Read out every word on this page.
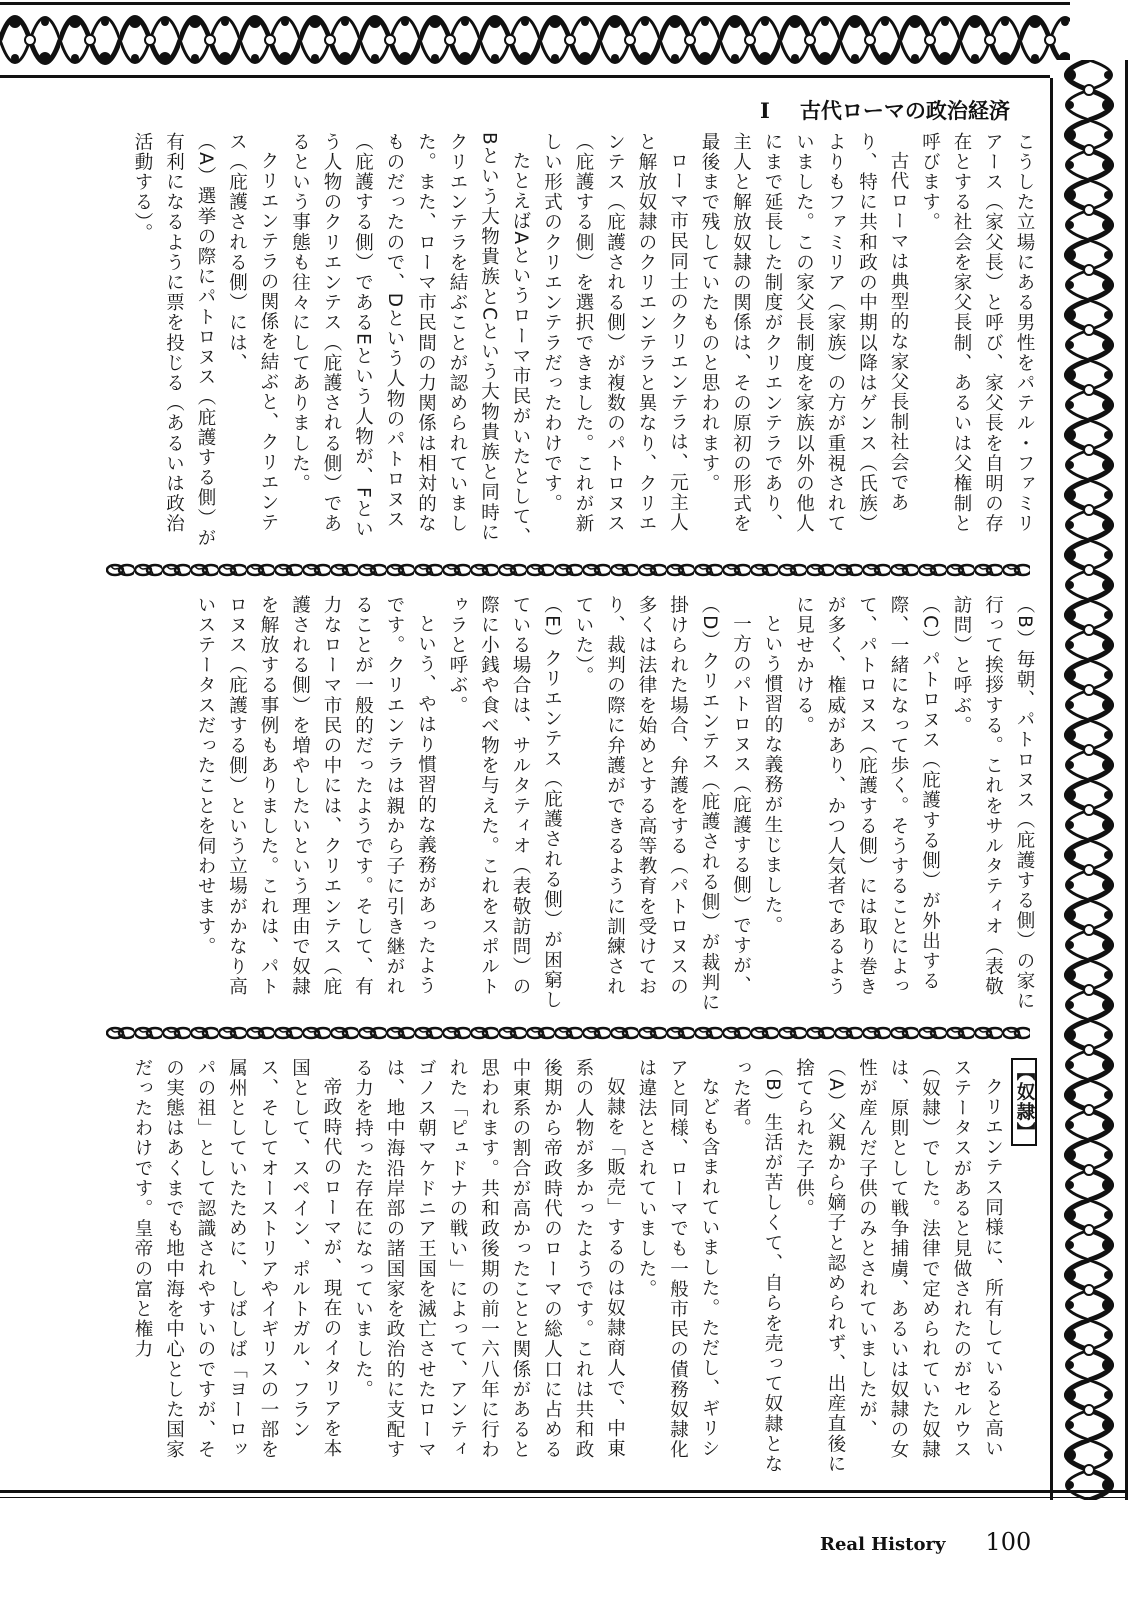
I 古代ローマの政治経済

こうした立場にある男性をパテル・ファミリアース（家父長）と呼び、家父長を自明の存在とする社会を家父長制、あるいは父権制と呼びます。

古代ローマは典型的な家父長制社会であり、特に共和政の中期以降はゲンス（氏族）よりもファミリア（家族）の方が重視されていました。この家父長制度を家族以外の他人にまで延長した制度がクリエンテラであり、主人と解放奴隷の関係は、その原初の形式を最後まで残していたものと思われます。

ローマ市民同士のクリエンテラは、元主人と解放奴隷のクリエンテラと異なり、クリエンテス（庇護される側）が複数のパトロヌス（庇護する側）を選択できました。これが新しい形式のクリエンテラだったわけです。

たとえばAというローマ市民がいたとして、Bという大物貴族とCという大物貴族と同時にクリエンテラを結ぶことが認められていました。また、ローマ市民間の力関係は相対的なものだったので、Dという人物のパトロヌス（庇護する側）であるEという人物が、Fという人物のクリエンテス（庇護される側）であるという事態も往々にしてありました。

クリエンテラの関係を結ぶと、クリエンテス（庇護される側）には、

（A）選挙の際にパトロヌス（庇護する側）が有利になるように票を投じる（あるいは政治活動する）。

（B）毎朝、パトロヌス（庇護する側）の家に行って挨拶する。これをサルタティオ（表敬訪問）と呼ぶ。

（C）パトロヌス（庇護する側）が外出する際、一緒になって歩く。そうすることによって、パトロヌス（庇護する側）には取り巻きが多く、権威があり、かつ人気者であるように見せかける。

という慣習的な義務が生じました。

一方のパトロヌス（庇護する側）ですが、

（D）クリエンテス（庇護される側）が裁判に掛けられた場合、弁護をする（パトロヌスの多くは法律を始めとする高等教育を受けており、裁判の際に弁護ができるように訓練されていた）。

（E）クリエンテス（庇護される側）が困窮している場合は、サルタティオ（表敬訪問）の際に小銭や食べ物を与えた。これをスポルトゥラと呼ぶ。

という、やはり慣習的な義務があったようです。クリエンテラは親から子に引き継がれることが一般的だったようです。そして、有力なローマ市民の中には、クリエンテス（庇護される側）を増やしたいという理由で奴隷を解放する事例もありました。これは、パトロヌス（庇護する側）という立場がかなり高いステータスだったことを伺わせます。

【奴隷】

クリエンテス同様に、所有していると高いステータスがあると見做されたのがセルウス（奴隷）でした。法律で定められていた奴隷は、原則として戦争捕虜、あるいは奴隷の女性が産んだ子供のみとされていましたが、

（A）父親から嫡子と認められず、出産直後に捨てられた子供。

（B）生活が苦しくて、自らを売って奴隷となった者。

なども含まれていました。ただし、ギリシアと同様、ローマでも一般市民の債務奴隷化は違法とされていました。

奴隷を「販売」するのは奴隷商人で、中東系の人物が多かったようです。これは共和政後期から帝政時代のローマの総人口に占める中東系の割合が高かったことと関係があると思われます。共和政後期の前一六八年に行われた「ピュドナの戦い」によって、アンティゴノス朝マケドニア王国を滅亡させたローマは、地中海沿岸部の諸国家を政治的に支配する力を持った存在になっていました。

帝政時代のローマが、現在のイタリアを本国として、スペイン、ポルトガル、フランス、そしてオーストリアやイギリスの一部を属州としていたために、しばしば「ヨーロッパの祖」として認識されやすいのですが、その実態はあくまでも地中海を中心とした国家だったわけです。皇帝の富と権力

Real History 100
